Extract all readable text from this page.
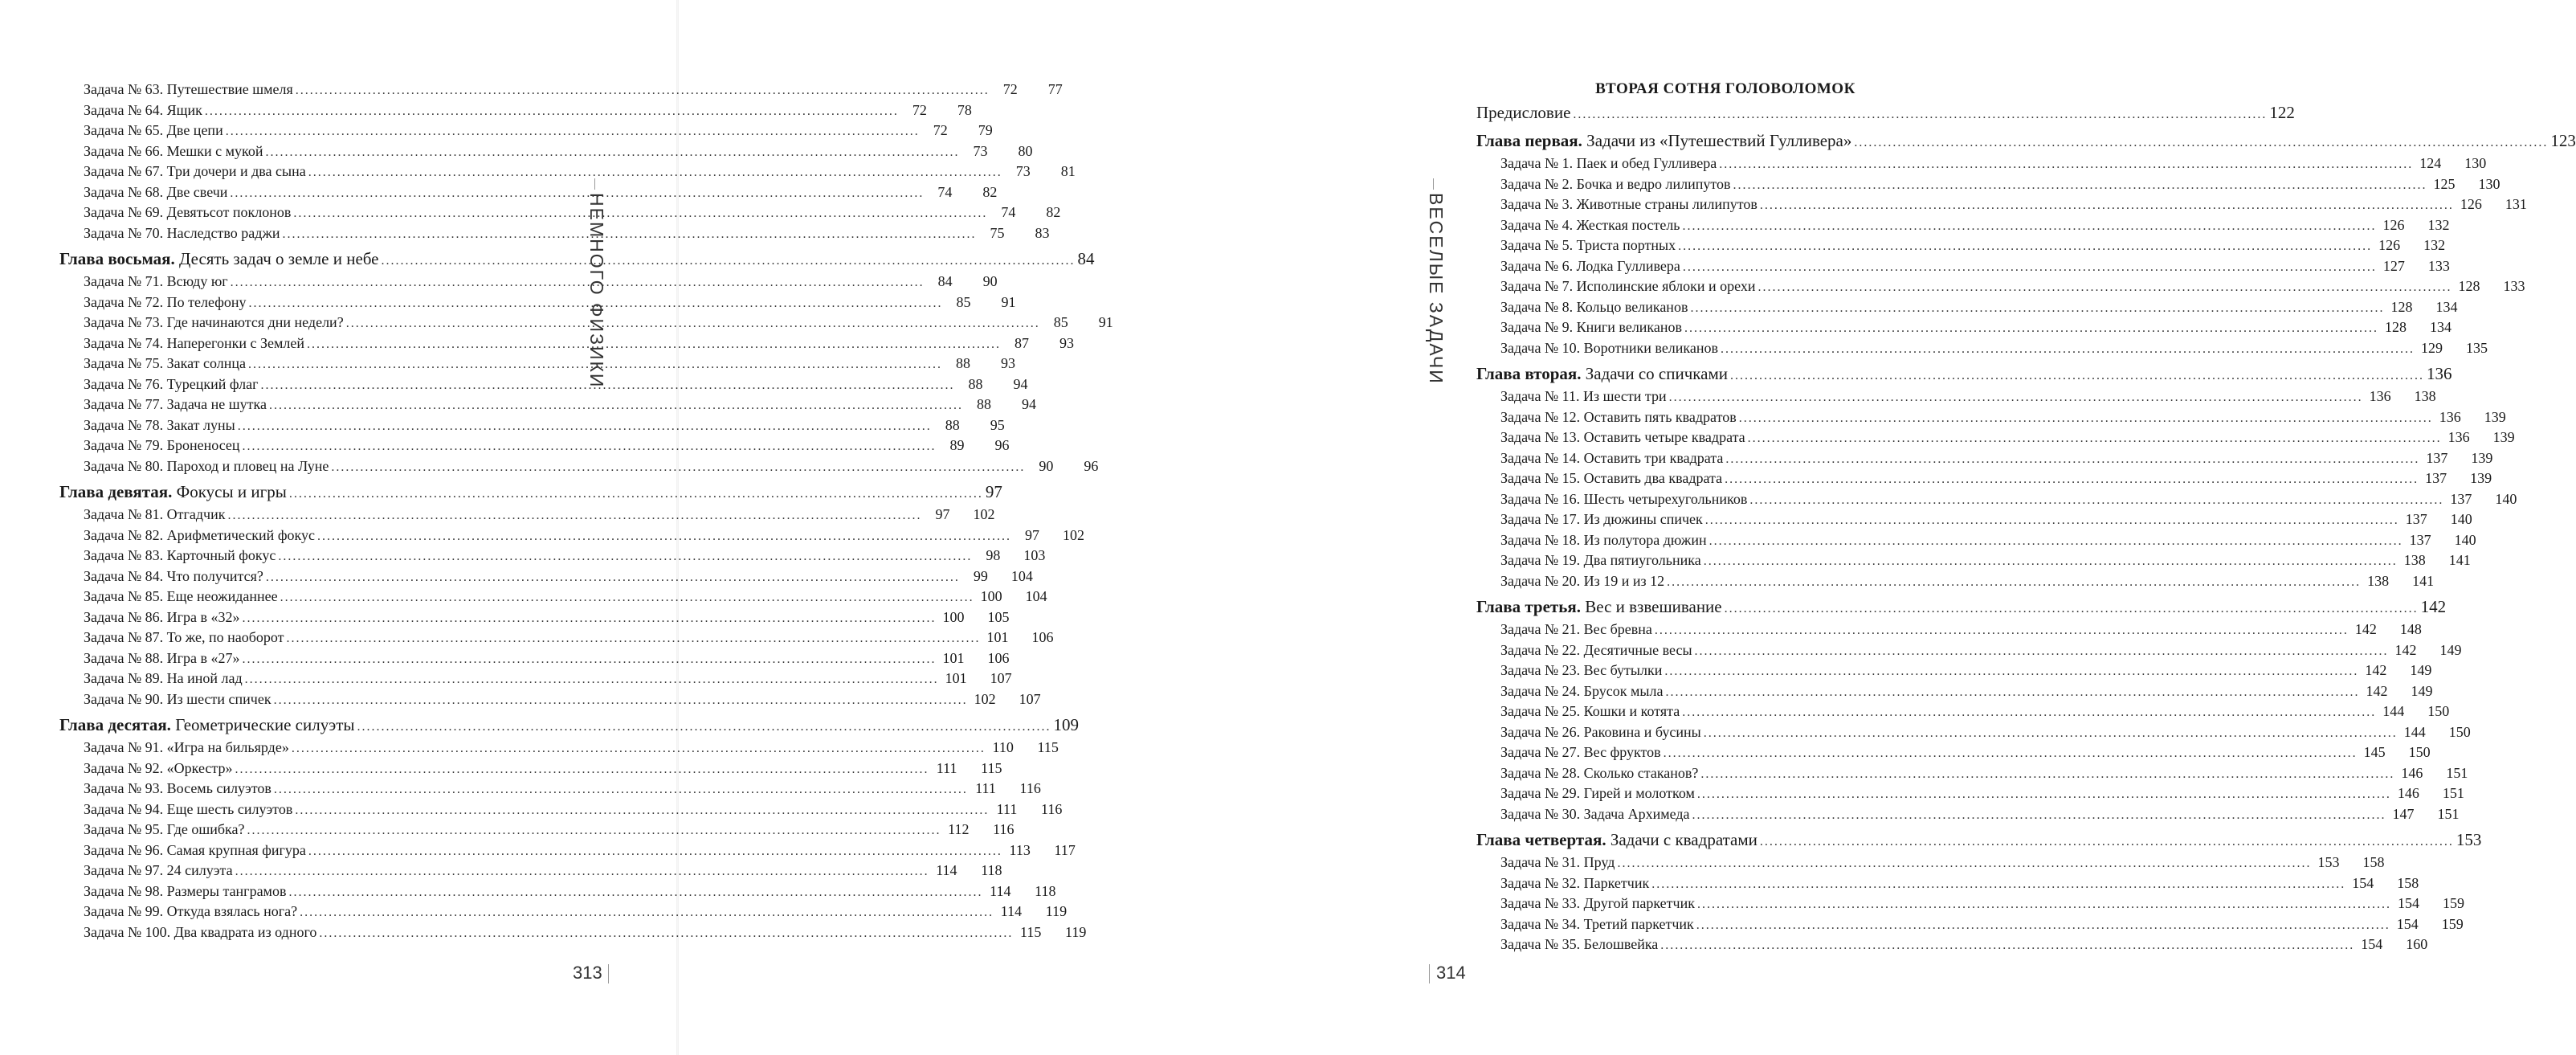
Задача № 63. Путешествие шмеля .....	72	77
Задача № 64. Ящик .....	72	78
Задача № 65. Две цепи .....	72	79
Задача № 66. Мешки с мукой .....	73	80
Задача № 67. Три дочери и два сына .....	73	81
Задача № 68. Две свечи .....	74	82
Задача № 69. Девятьсот поклонов .....	74	82
Задача № 70. Наследство раджи .....	75	83
Глава восьмая. Десять задач о земле и небе .....	84
Задача № 71. Всюду юг .....	84	90
Задача № 72. По телефону .....	85	91
Задача № 73. Где начинаются дни недели? .....	85	91
Задача № 74. Наперегонки с Землей .....	87	93
Задача № 75. Закат солнца .....	88	93
Задача № 76. Турецкий флаг .....	88	94
Задача № 77. Задача не шутка .....	88	94
Задача № 78. Закат луны .....	88	95
Задача № 79. Броненосец .....	89	96
Задача № 80. Пароход и пловец на Луне .....	90	96
Глава девятая. Фокусы и игры .....	97
Задача № 81. Отгадчик .....	97	102
Задача № 82. Арифметический фокус .....	97	102
Задача № 83. Карточный фокус .....	98	103
Задача № 84. Что получится? .....	99	104
Задача № 85. Еще неожиданнее .....	100	104
Задача № 86. Игра в «32» .....	100	105
Задача № 87. То же, по наоборот .....	101	106
Задача № 88. Игра в «27» .....	101	106
Задача № 89. На иной лад .....	101	107
Задача № 90. Из шести спичек .....	102	107
Глава десятая. Геометрические силуэты .....	109
Задача № 91. «Игра на бильярде» .....	110	115
Задача № 92. «Оркестр» .....	111	115
Задача № 93. Восемь силуэтов .....	111	116
Задача № 94. Еще шесть силуэтов .....	111	116
Задача № 95. Где ошибка? .....	112	116
Задача № 96. Самая крупная фигура .....	113	117
Задача № 97. 24 силуэта .....	114	118
Задача № 98. Размеры танграмов .....	114	118
Задача № 99. Откуда взялась нога? .....	114	119
Задача № 100. Два квадрата из одного .....	115	119
НЕМНОГО ФИЗИКИ
313
ВЕСЕЛЫЕ ЗАДАЧИ
314
ВТОРАЯ СОТНЯ ГОЛОВОЛОМОК
Предисловие .....	122
Глава первая. Задачи из «Путешествий Гулливера» .....	123
Задача № 1. Паек и обед Гулливера .....	124	130
Задача № 2. Бочка и ведро лилипутов .....	125	130
Задача № 3. Животные страны лилипутов .....	126	131
Задача № 4. Жесткая постель .....	126	132
Задача № 5. Триста портных .....	126	132
Задача № 6. Лодка Гулливера .....	127	133
Задача № 7. Исполинские яблоки и орехи .....	128	133
Задача № 8. Кольцо великанов .....	128	134
Задача № 9. Книги великанов .....	128	134
Задача № 10. Воротники великанов .....	129	135
Глава вторая. Задачи со спичками .....	136
Задача № 11. Из шести три .....	136	138
Задача № 12. Оставить пять квадратов .....	136	139
Задача № 13. Оставить четыре квадрата .....	136	139
Задача № 14. Оставить три квадрата .....	137	139
Задача № 15. Оставить два квадрата .....	137	139
Задача № 16. Шесть четырехугольников .....	137	140
Задача № 17. Из дюжины спичек .....	137	140
Задача № 18. Из полутора дюжин .....	137	140
Задача № 19. Два пятиугольника .....	138	141
Задача № 20. Из 19 и из 12 .....	138	141
Глава третья. Вес и взвешивание .....	142
Задача № 21. Вес бревна .....	142	148
Задача № 22. Десятичные весы .....	142	149
Задача № 23. Вес бутылки .....	142	149
Задача № 24. Брусок мыла .....	142	149
Задача № 25. Кошки и котята .....	144	150
Задача № 26. Раковина и бусины .....	144	150
Задача № 27. Вес фруктов .....	145	150
Задача № 28. Сколько стаканов? .....	146	151
Задача № 29. Гирей и молотком .....	146	151
Задача № 30. Задача Архимеда .....	147	151
Глава четвертая. Задачи с квадратами .....	153
Задача № 31. Пруд .....	153	158
Задача № 32. Паркетчик .....	154	158
Задача № 33. Другой паркетчик .....	154	159
Задача № 34. Третий паркетчик .....	154	159
Задача № 35. Белошвейка .....	154	160
